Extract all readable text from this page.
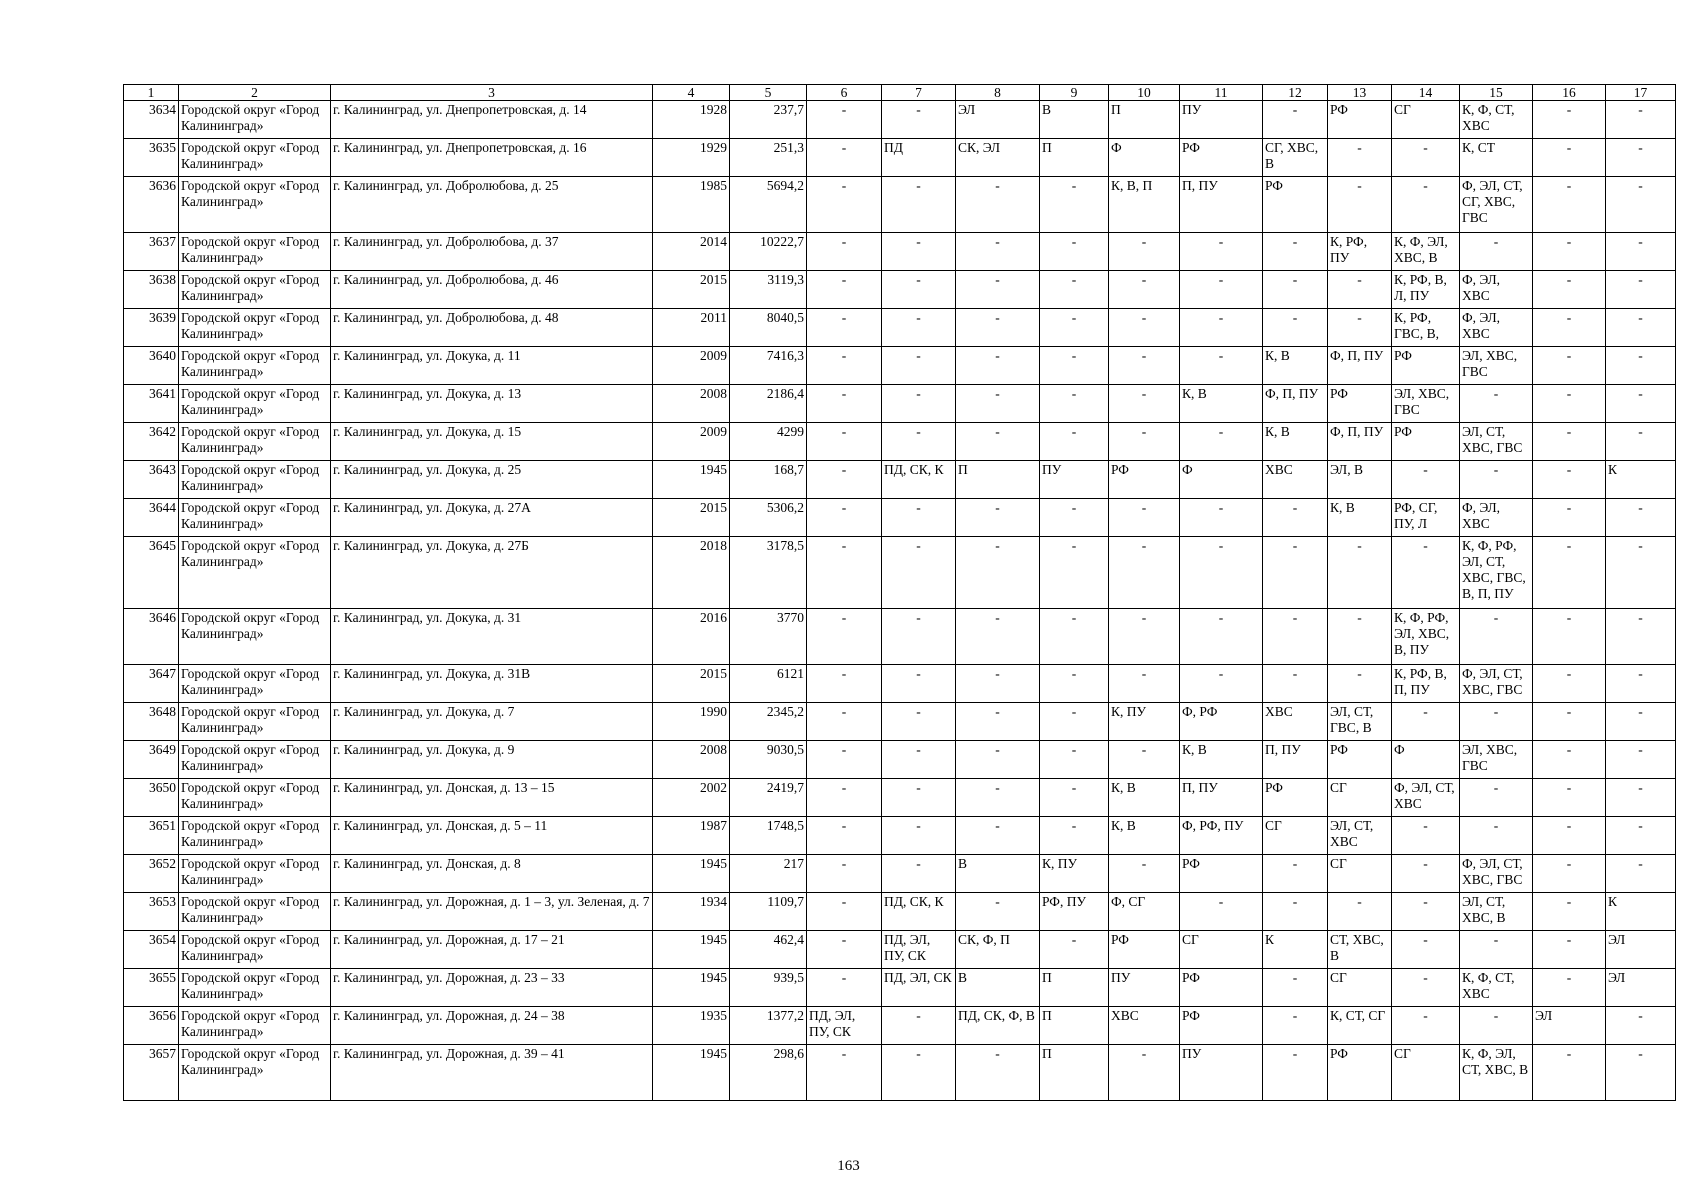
1	2	3	4	5	6	7	8	9	10	11	12	13	14	15	16	17
3634	Городской округ «Город Калининград»	г. Калининград, ул. Днепропетровская, д. 14	1928	237,7	-	-	ЭЛ	В	П	ПУ	-	РФ	СГ	К, Ф, СТ, ХВС	-	-
3635	Городской округ «Город Калининград»	г. Калининград, ул. Днепропетровская, д. 16	1929	251,3	-	ПД	СК, ЭЛ	П	Ф	РФ	СГ, ХВС, В	-	-	К, СТ	-	-
3636	Городской округ «Город Калининград»	г. Калининград, ул. Добролюбова, д. 25	1985	5694,2	-	-	-	-	К, В, П	П, ПУ	РФ	-	-	Ф, ЭЛ, СТ, СГ, ХВС, ГВС	-	-
3637	Городской округ «Город Калининград»	г. Калининград, ул. Добролюбова, д. 37	2014	10222,7	-	-	-	-	-	-	-	К, РФ, ПУ	К, Ф, ЭЛ, ХВС, В	-	-	-
3638	Городской округ «Город Калининград»	г. Калининград, ул. Добролюбова, д. 46	2015	3119,3	-	-	-	-	-	-	-	-	К, РФ, В, Л, ПУ	Ф, ЭЛ, ХВС	-	-
3639	Городской округ «Город Калининград»	г. Калининград, ул. Добролюбова, д. 48	2011	8040,5	-	-	-	-	-	-	-	-	К, РФ, ГВС, В,	Ф, ЭЛ, ХВС	-	-
3640	Городской округ «Город Калининград»	г. Калининград, ул. Докука, д. 11	2009	7416,3	-	-	-	-	-	-	К, В	Ф, П, ПУ	РФ	ЭЛ, ХВС, ГВС	-	-
3641	Городской округ «Город Калининград»	г. Калининград, ул. Докука, д. 13	2008	2186,4	-	-	-	-	-	К, В	Ф, П, ПУ	РФ	ЭЛ, ХВС, ГВС	-	-	-
3642	Городской округ «Город Калининград»	г. Калининград, ул. Докука, д. 15	2009	4299	-	-	-	-	-	-	К, В	Ф, П, ПУ	РФ	ЭЛ, СТ, ХВС, ГВС	-	-
3643	Городской округ «Город Калининград»	г. Калининград, ул. Докука, д. 25	1945	168,7	-	ПД, СК, К	П	ПУ	РФ	Ф	ХВС	ЭЛ, В	-	-	-	К
3644	Городской округ «Город Калининград»	г. Калининград, ул. Докука, д. 27А	2015	5306,2	-	-	-	-	-	-	-	К, В	РФ, СГ, ПУ, Л	Ф, ЭЛ, ХВС	-	-
3645	Городской округ «Город Калининград»	г. Калининград, ул. Докука, д. 27Б	2018	3178,5	-	-	-	-	-	-	-	-	-	К, Ф, РФ, ЭЛ, СТ, ХВС, ГВС, В, П, ПУ	-	-
3646	Городской округ «Город Калининград»	г. Калининград, ул. Докука, д. 31	2016	3770	-	-	-	-	-	-	-	-	К, Ф, РФ, ЭЛ, ХВС, В, ПУ	-	-	-
3647	Городской округ «Город Калининград»	г. Калининград, ул. Докука, д. 31В	2015	6121	-	-	-	-	-	-	-	-	К, РФ, В, П, ПУ	Ф, ЭЛ, СТ, ХВС, ГВС	-	-
3648	Городской округ «Город Калининград»	г. Калининград, ул. Докука, д. 7	1990	2345,2	-	-	-	-	К, ПУ	Ф, РФ	ХВС	ЭЛ, СТ, ГВС, В	-	-	-	-
3649	Городской округ «Город Калининград»	г. Калининград, ул. Докука, д. 9	2008	9030,5	-	-	-	-	-	К, В	П, ПУ	РФ	Ф	ЭЛ, ХВС, ГВС	-	-
3650	Городской округ «Город Калининград»	г. Калининград, ул. Донская, д. 13 – 15	2002	2419,7	-	-	-	-	К, В	П, ПУ	РФ	СГ	Ф, ЭЛ, СТ, ХВС	-	-	-
3651	Городской округ «Город Калининград»	г. Калининград, ул. Донская, д. 5 – 11	1987	1748,5	-	-	-	-	К, В	Ф, РФ, ПУ	СГ	ЭЛ, СТ, ХВС	-	-	-	-
3652	Городской округ «Город Калининград»	г. Калининград, ул. Донская, д. 8	1945	217	-	-	В	К, ПУ	-	РФ	-	СГ	-	Ф, ЭЛ, СТ, ХВС, ГВС	-	-
3653	Городской округ «Город Калининград»	г. Калининград, ул. Дорожная, д. 1 – 3, ул. Зеленая, д. 7	1934	1109,7	-	ПД, СК, К	-	РФ, ПУ	Ф, СГ	-	-	-	-	ЭЛ, СТ, ХВС, В	-	К
3654	Городской округ «Город Калининград»	г. Калининград, ул. Дорожная, д. 17 – 21	1945	462,4	-	ПД, ЭЛ, ПУ, СК	СК, Ф, П	-	РФ	СГ	К	СТ, ХВС, В	-	-	-	ЭЛ
3655	Городской округ «Город Калининград»	г. Калининград, ул. Дорожная, д. 23 – 33	1945	939,5	-	ПД, ЭЛ, СК	В	П	ПУ	РФ	-	СГ	-	К, Ф, СТ, ХВС	-	ЭЛ
3656	Городской округ «Город Калининград»	г. Калининград, ул. Дорожная, д. 24 – 38	1935	1377,2	ПД, ЭЛ, ПУ, СК	-	ПД, СК, Ф, В	П	ХВС	РФ	-	К, СТ, СГ	-	-	ЭЛ	-
3657	Городской округ «Город Калининград»	г. Калининград, ул. Дорожная, д. 39 – 41	1945	298,6	-	-	-	П	-	ПУ	-	РФ	СГ	К, Ф, ЭЛ, СТ, ХВС, В	-	-
163
